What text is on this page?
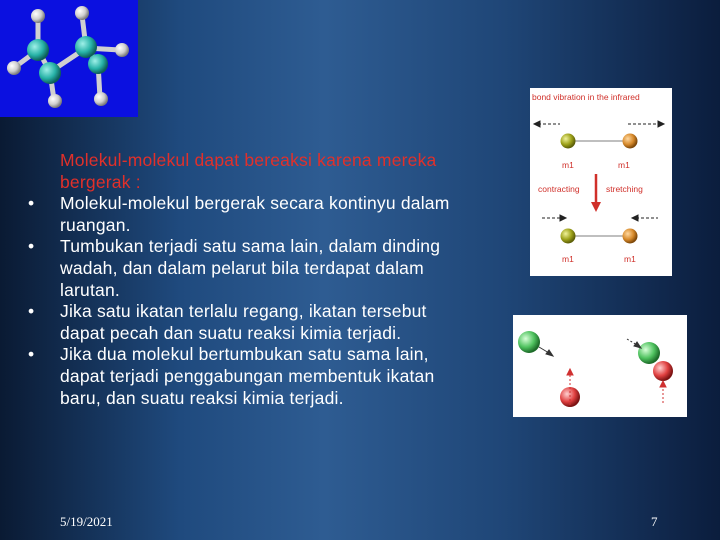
Molekul-molekul dapat bereaksi karena mereka
bergerak :

• Molekul-molekul bergerak secara kontinyu dalam
ruangan.
• Tumbukan terjadi satu sama lain, dalam dinding
wadah, dan dalam pelarut bila terdapat dalam
larutan.
• Jika satu ikatan terlalu regang, ikatan tersebut
dapat pecah dan suatu reaksi kimia terjadi.
• Jika dua molekul bertumbukan satu sama lain,
dapat terjadi penggabungan membentuk ikatan
baru, dan suatu reaksi kimia terjadi.
bond vibration in the infrared
m1	m1
contracting	stretching
m1	m1
5/19/2021	7
